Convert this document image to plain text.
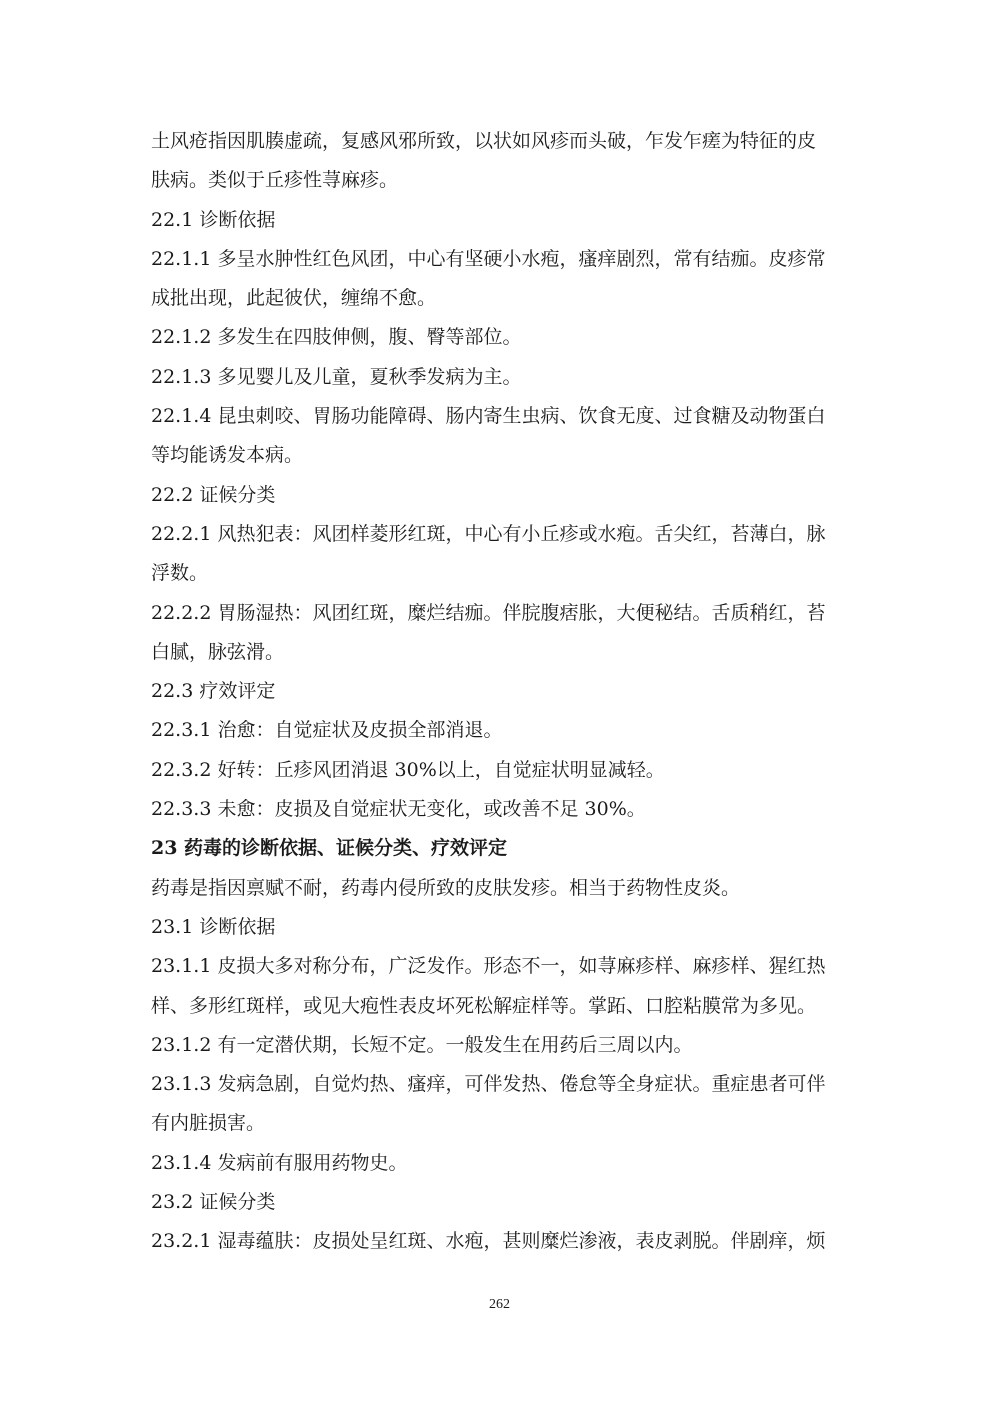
土风疮指因肌腠虚疏，复感风邪所致，以状如风疹而头破，乍发乍瘥为特征的皮
肤病。类似于丘疹性荨麻疹。
22.1 诊断依据
22.1.1 多呈水肿性红色风团，中心有坚硬小水疱，瘙痒剧烈，常有结痂。皮疹常
成批出现，此起彼伏，缠绵不愈。
22.1.2 多发生在四肢伸侧，腹、臀等部位。
22.1.3 多见婴儿及儿童，夏秋季发病为主。
22.1.4 昆虫刺咬、胃肠功能障碍、肠内寄生虫病、饮食无度、过食糖及动物蛋白
等均能诱发本病。
22.2 证候分类
22.2.1 风热犯表：风团样菱形红斑，中心有小丘疹或水疱。舌尖红，苔薄白，脉
浮数。
22.2.2 胃肠湿热：风团红斑，糜烂结痂。伴脘腹痞胀，大便秘结。舌质稍红，苔
白腻，脉弦滑。
22.3 疗效评定
22.3.1 治愈：自觉症状及皮损全部消退。
22.3.2 好转：丘疹风团消退 30%以上，自觉症状明显减轻。
22.3.3 未愈：皮损及自觉症状无变化，或改善不足 30%。
23 药毒的诊断依据、证候分类、疗效评定
药毒是指因禀赋不耐，药毒内侵所致的皮肤发疹。相当于药物性皮炎。
23.1 诊断依据
23.1.1 皮损大多对称分布，广泛发作。形态不一，如荨麻疹样、麻疹样、猩红热
样、多形红斑样，或见大疱性表皮坏死松解症样等。掌跖、口腔粘膜常为多见。
23.1.2 有一定潜伏期，长短不定。一般发生在用药后三周以内。
23.1.3 发病急剧，自觉灼热、瘙痒，可伴发热、倦怠等全身症状。重症患者可伴
有内脏损害。
23.1.4 发病前有服用药物史。
23.2 证候分类
23.2.1 湿毒蕴肤：皮损处呈红斑、水疱，甚则糜烂渗液，表皮剥脱。伴剧痒，烦
262
